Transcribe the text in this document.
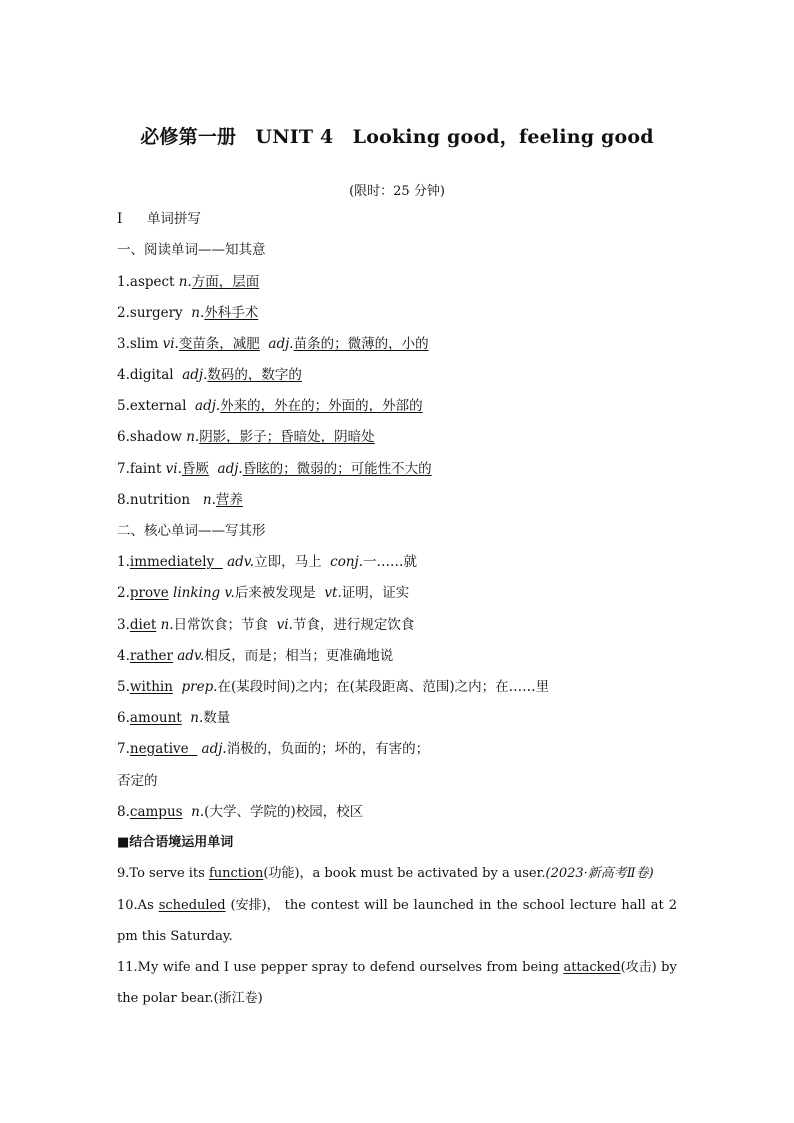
必修第一册　UNIT 4　Looking good，feeling good
(限时：25 分钟)
Ⅰ 单词拼写
一、阅读单词——知其意
1.aspect n.方面，层面
2.surgery n.外科手术
3.slim vi.变苗条，减肥 adj.苗条的；微薄的，小的
4.digital adj.数码的，数字的
5.external adj.外来的，外在的；外面的，外部的
6.shadow n.阴影，影子；昏暗处，阴暗处
7.faint vi.昏厥 adj.昏眩的；微弱的；可能性不大的
8.nutrition n.营养
二、核心单词——写其形
1.immediately adv.立即，马上 conj.一……就
2.prove linking v.后来被发现是 vt.证明，证实
3.diet n.日常饮食；节食 vi.节食，进行规定饮食
4.rather adv.相反，而是；相当；更准确地说
5.within prep.在(某段时间)之内；在(某段距离、范围)之内；在……里
6.amount n.数量
7.negative adj.消极的，负面的；坏的，有害的；
否定的
8.campus n.(大学、学院的)校园，校区
■结合语境运用单词
9.To serve its function(功能)，a book must be activated by a user.(2023·新高考Ⅱ卷)
10.As scheduled (安排)， the contest will be launched in the school lecture hall at 2
pm this Saturday.
11.My wife and I use pepper spray to defend ourselves from being attacked(攻击) by
the polar bear.(浙江卷)
